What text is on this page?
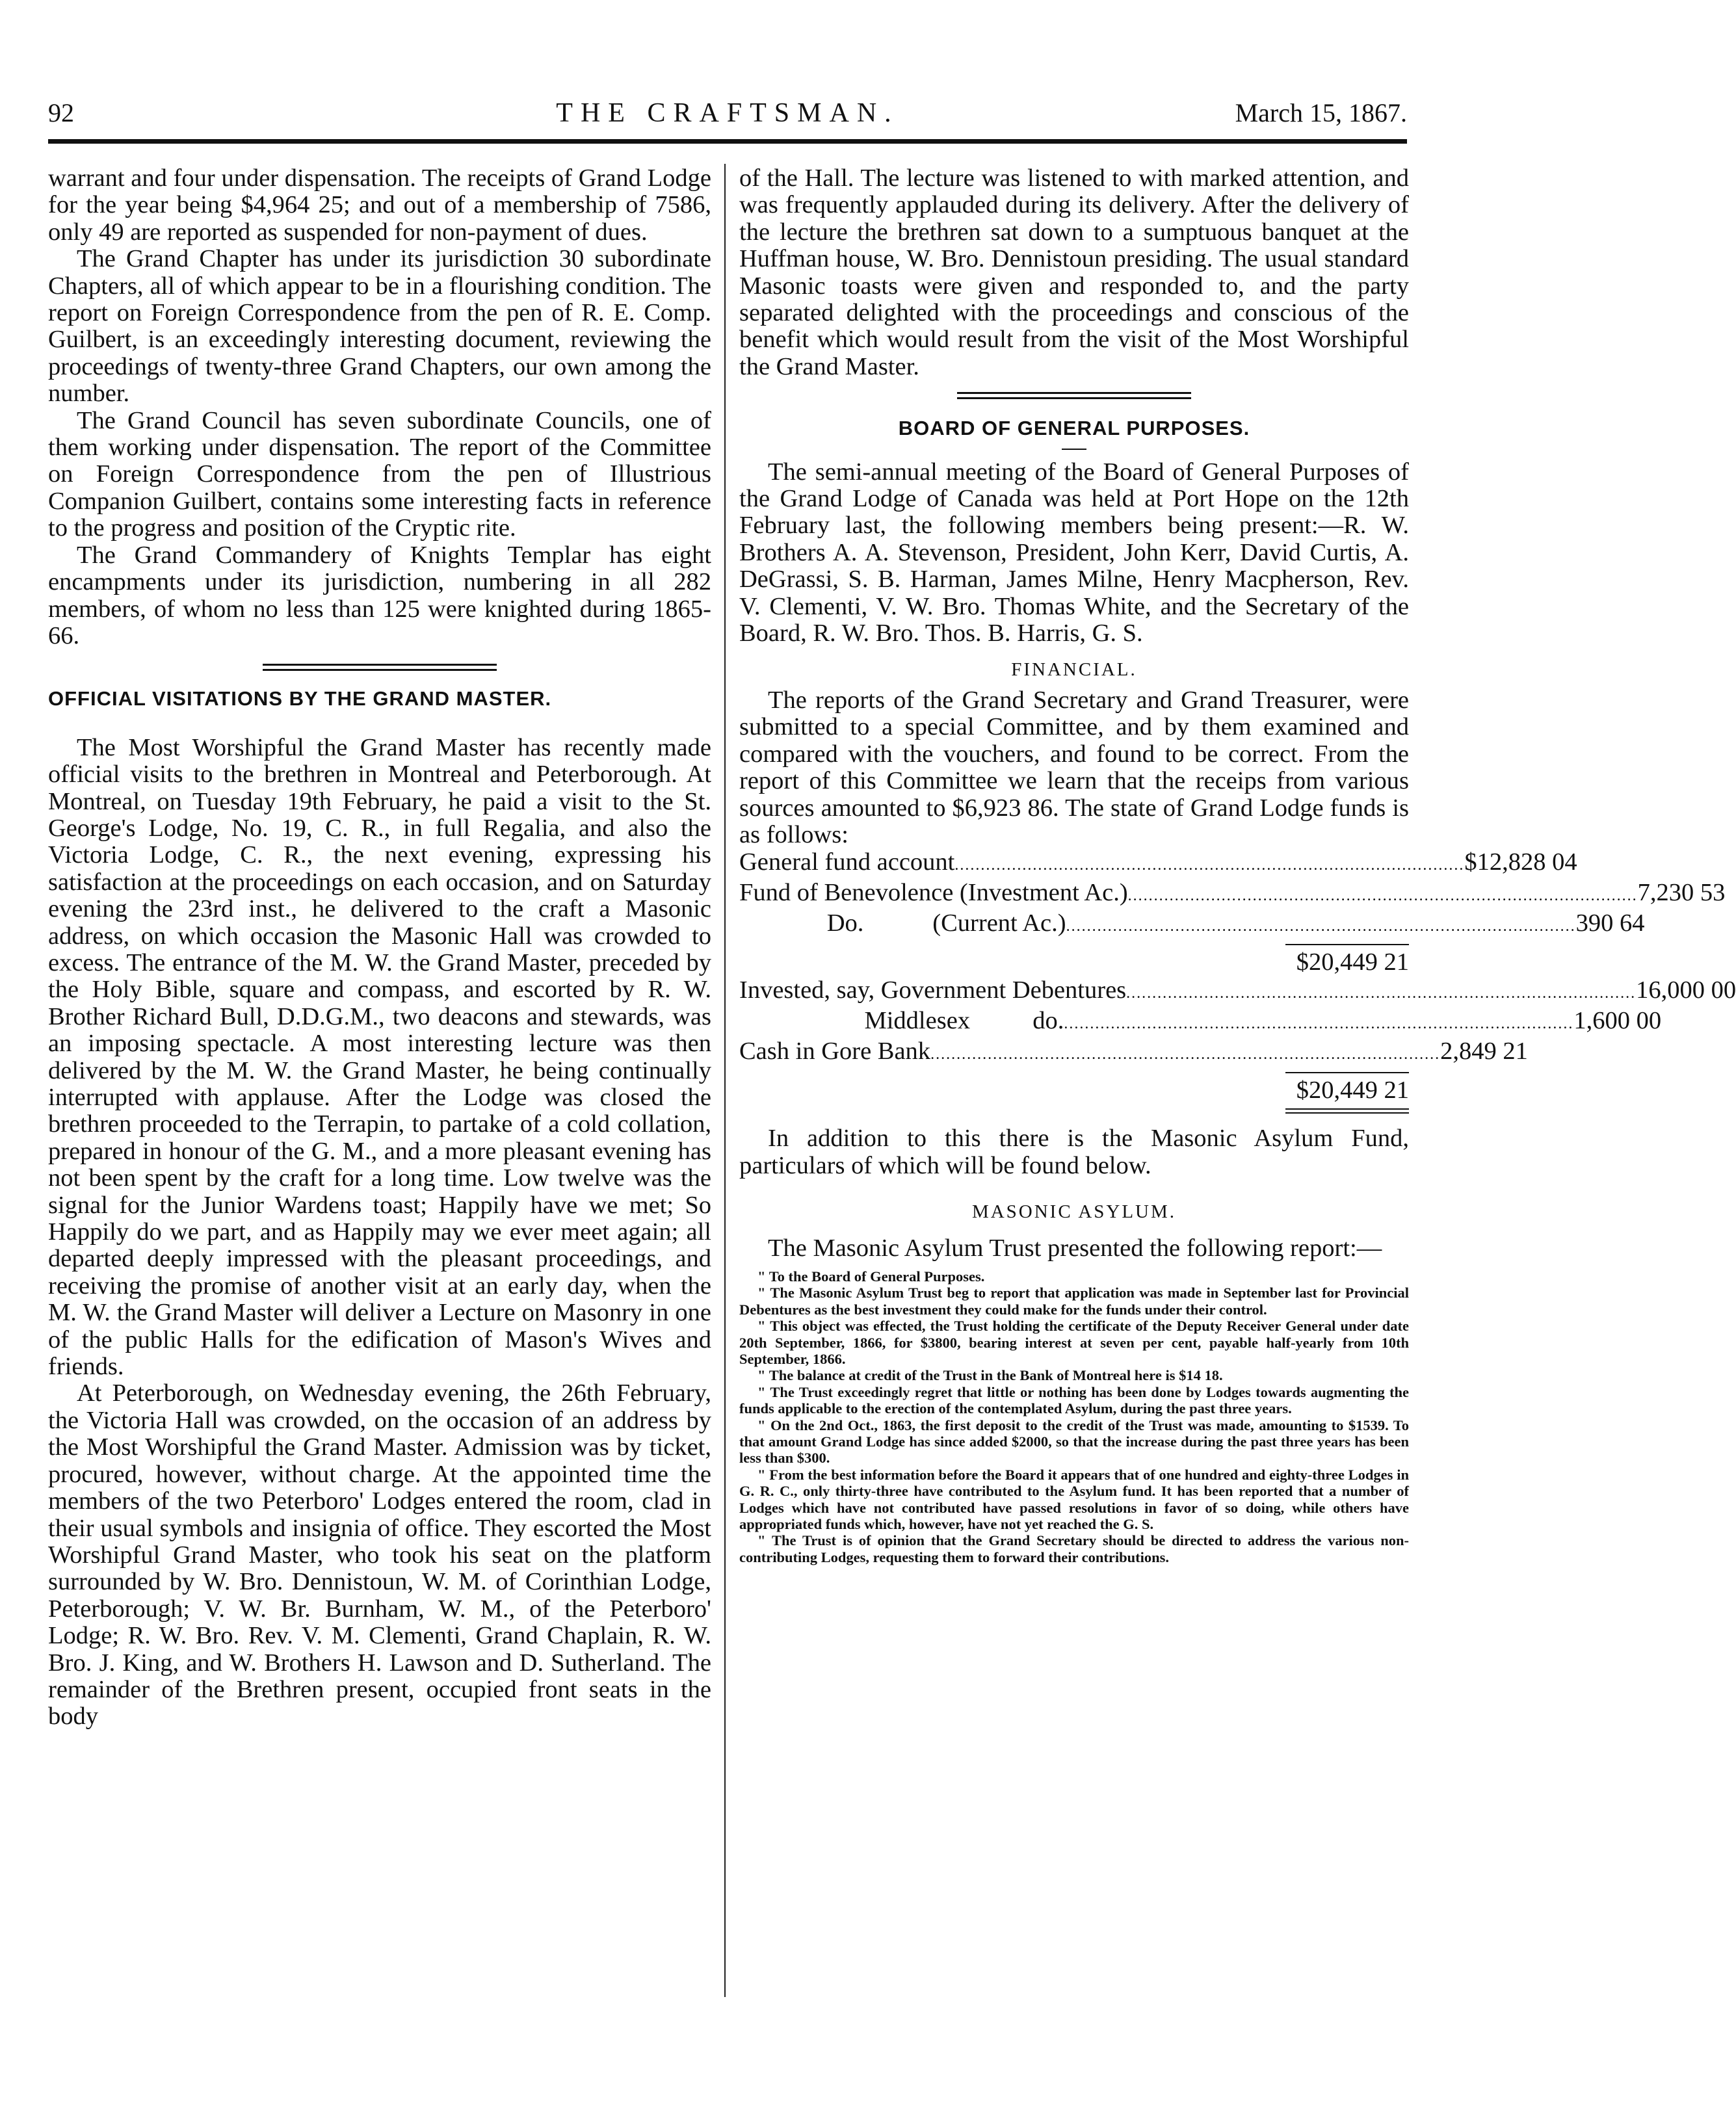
92	THE CRAFTSMAN.	March 15, 1867.

warrant and four under dispensation. The receipts of Grand Lodge for the year being $4,964 25; and out of a membership of 7586, only 49 are reported as suspended for non-payment of dues.

The Grand Chapter has under its jurisdiction 30 subordinate Chapters, all of which appear to be in a flourishing condition. The report on Foreign Correspondence from the pen of R. E. Comp. Guilbert, is an exceedingly interesting document, reviewing the proceedings of twenty-three Grand Chapters, our own among the number.

The Grand Council has seven subordinate Councils, one of them working under dispensation. The report of the Committee on Foreign Correspondence from the pen of Illustrious Companion Guilbert, contains some interesting facts in reference to the progress and position of the Cryptic rite.

The Grand Commandery of Knights Templar has eight encampments under its jurisdiction, numbering in all 282 members, of whom no less than 125 were knighted during 1865-66.

OFFICIAL VISITATIONS BY THE GRAND MASTER.

The Most Worshipful the Grand Master has recently made official visits to the brethren in Montreal and Peterborough. At Montreal, on Tuesday 19th February, he paid a visit to the St. George's Lodge, No. 19, C. R., in full Regalia, and also the Victoria Lodge, C. R., the next evening, expressing his satisfaction at the proceedings on each occasion, and on Saturday evening the 23rd inst., he delivered to the craft a Masonic address, on which occasion the Masonic Hall was crowded to excess. The entrance of the M. W. the Grand Master, preceded by the Holy Bible, square and compass, and escorted by R. W. Brother Richard Bull, D.D.G.M., two deacons and stewards, was an imposing spectacle. A most interesting lecture was then delivered by the M. W. the Grand Master, he being continually interrupted with applause. After the Lodge was closed the brethren proceeded to the Terrapin, to partake of a cold collation, prepared in honour of the G. M., and a more pleasant evening has not been spent by the craft for a long time. Low twelve was the signal for the Junior Wardens toast; Happily have we met; So Happily do we part, and as Happily may we ever meet again; all departed deeply impressed with the pleasant proceedings, and receiving the promise of another visit at an early day, when the M. W. the Grand Master will deliver a Lecture on Masonry in one of the public Halls for the edification of Mason's Wives and friends.

At Peterborough, on Wednesday evening, the 26th February, the Victoria Hall was crowded, on the occasion of an address by the Most Worshipful the Grand Master. Admission was by ticket, procured, however, without charge. At the appointed time the members of the two Peterboro' Lodges entered the room, clad in their usual symbols and insignia of office. They escorted the Most Worshipful Grand Master, who took his seat on the platform surrounded by W. Bro. Dennistoun, W. M. of Corinthian Lodge, Peterborough; V. W. Br. Burnham, W. M., of the Peterboro' Lodge; R. W. Bro. Rev. V. M. Clementi, Grand Chaplain, R. W. Bro. J. King, and W. Brothers H. Lawson and D. Sutherland. The remainder of the Brethren present, occupied front seats in the body

of the Hall. The lecture was listened to with marked attention, and was frequently applauded during its delivery. After the delivery of the lecture the brethren sat down to a sumptuous banquet at the Huffman house, W. Bro. Dennistoun presiding. The usual standard Masonic toasts were given and responded to, and the party separated delighted with the proceedings and conscious of the benefit which would result from the visit of the Most Worshipful the Grand Master.

BOARD OF GENERAL PURPOSES.

The semi-annual meeting of the Board of General Purposes of the Grand Lodge of Canada was held at Port Hope on the 12th February last, the following members being present:—R. W. Brothers A. A. Stevenson, President, John Kerr, David Curtis, A. DeGrassi, S. B. Harman, James Milne, Henry Macpherson, Rev. V. Clementi, V. W. Bro. Thomas White, and the Secretary of the Board, R. W. Bro. Thos. B. Harris, G. S.

FINANCIAL.

The reports of the Grand Secretary and Grand Treasurer, were submitted to a special Committee, and by them examined and compared with the vouchers, and found to be correct. From the report of this Committee we learn that the receips from various sources amounted to $6,923 86. The state of Grand Lodge funds is as follows:

General fund account .................................................................................................. $12,828 04
Fund of Benevolence (Investment Ac.) .................................................................................................. 7,230 53
Do.           (Current Ac.) .................................................................................................. 390 64
$20,449 21
Invested, say, Government Debentures .................................................................................................. 16,000 00
Middlesex          do. .................................................................................................. 1,600 00
Cash in Gore Bank .................................................................................................. 2,849 21
$20,449 21

In addition to this there is the Masonic Asylum Fund, particulars of which will be found below.

MASONIC ASYLUM.

The Masonic Asylum Trust presented the following report:—

" To the Board of General Purposes.

" The Masonic Asylum Trust beg to report that application was made in September last for Provincial Debentures as the best investment they could make for the funds under their control.

" This object was effected, the Trust holding the certificate of the Deputy Receiver General under date 20th September, 1866, for $3800, bearing interest at seven per cent, payable half-yearly from 10th September, 1866.

" The balance at credit of the Trust in the Bank of Montreal here is $14 18.

" The Trust exceedingly regret that little or nothing has been done by Lodges towards augmenting the funds applicable to the erection of the contemplated Asylum, during the past three years.

" On the 2nd Oct., 1863, the first deposit to the credit of the Trust was made, amounting to $1539. To that amount Grand Lodge has since added $2000, so that the increase during the past three years has been less than $300.

" From the best information before the Board it appears that of one hundred and eighty-three Lodges in G. R. C., only thirty-three have contributed to the Asylum fund. It has been reported that a number of Lodges which have not contributed have passed resolutions in favor of so doing, while others have appropriated funds which, however, have not yet reached the G. S.

" The Trust is of opinion that the Grand Secretary should be directed to address the various non-contributing Lodges, requesting them to forward their contributions.
